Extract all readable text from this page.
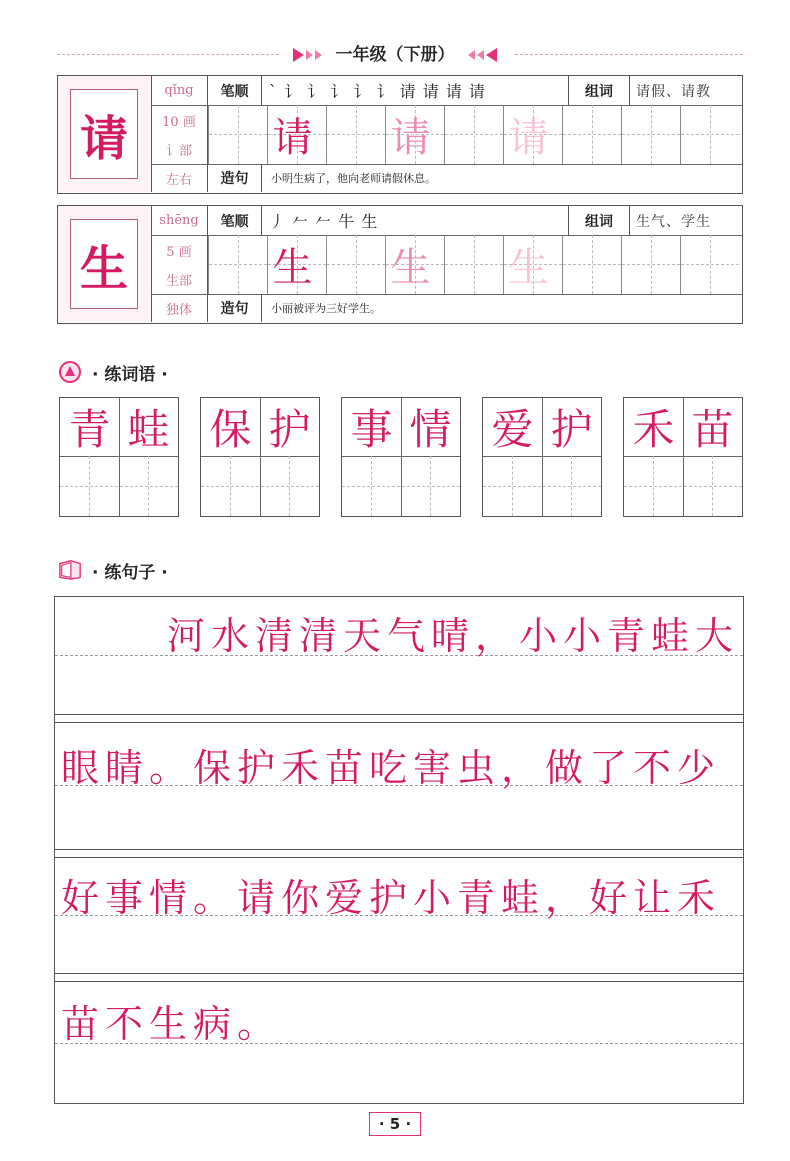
一年级（下册）
请
qǐng
10 画
讠部
左右
笔顺	` 讠 讠 讠 讠 讠 请 请 请 请	组词	请假、请教
造句	小明生病了，他向老师请假休息。
请 请 请
生
shēng
5 画
生部
独体
笔顺	丿 𠂉 𠂉 牛 生	组词	生气、学生
造句	小丽被评为三好学生。
生 生 生
· 练词语 ·
青 蛙 保 护 事 情 爱 护 禾 苗
· 练句子 ·
河水清清天气晴，小小青蛙大
眼睛。保护禾苗吃害虫，做了不少
好事情。请你爱护小青蛙，好让禾
苗不生病。
· 5 ·
